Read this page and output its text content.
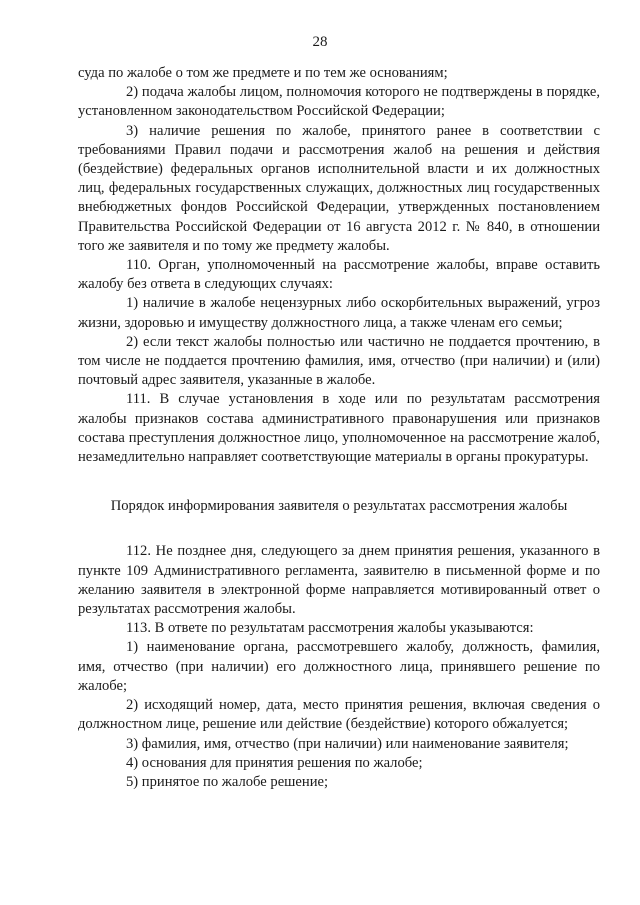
28

суда по жалобе о том же предмете и по тем же основаниям;

2) подача жалобы лицом, полномочия которого не подтверждены в порядке, установленном законодательством Российской Федерации;

3) наличие решения по жалобе, принятого ранее в соответствии с требованиями Правил подачи и рассмотрения жалоб на решения и действия (бездействие) федеральных органов исполнительной власти и их должностных лиц, федеральных государственных служащих, должностных лиц государственных внебюджетных фондов Российской Федерации, утвержденных постановлением Правительства Российской Федерации от 16 августа 2012 г. № 840, в отношении того же заявителя и по тому же предмету жалобы.

110. Орган, уполномоченный на рассмотрение жалобы, вправе оставить жалобу без ответа в следующих случаях:

1) наличие в жалобе нецензурных либо оскорбительных выражений, угроз жизни, здоровью и имуществу должностного лица, а также членам его семьи;

2) если текст жалобы полностью или частично не поддается прочтению, в том числе не поддается прочтению фамилия, имя, отчество (при наличии) и (или) почтовый адрес заявителя, указанные в жалобе.

111. В случае установления в ходе или по результатам рассмотрения жалобы признаков состава административного правонарушения или признаков состава преступления должностное лицо, уполномоченное на рассмотрение жалоб, незамедлительно направляет соответствующие материалы в органы прокуратуры.

Порядок информирования заявителя о результатах рассмотрения жалобы

112. Не позднее дня, следующего за днем принятия решения, указанного в пункте 109 Административного регламента, заявителю в письменной форме и по желанию заявителя в электронной форме направляется мотивированный ответ о результатах рассмотрения жалобы.

113. В ответе по результатам рассмотрения жалобы указываются:

1) наименование органа, рассмотревшего жалобу, должность, фамилия, имя, отчество (при наличии) его должностного лица, принявшего решение по жалобе;

2) исходящий номер, дата, место принятия решения, включая сведения о должностном лице, решение или действие (бездействие) которого обжалуется;

3) фамилия, имя, отчество (при наличии) или наименование заявителя;

4) основания для принятия решения по жалобе;

5) принятое по жалобе решение;
